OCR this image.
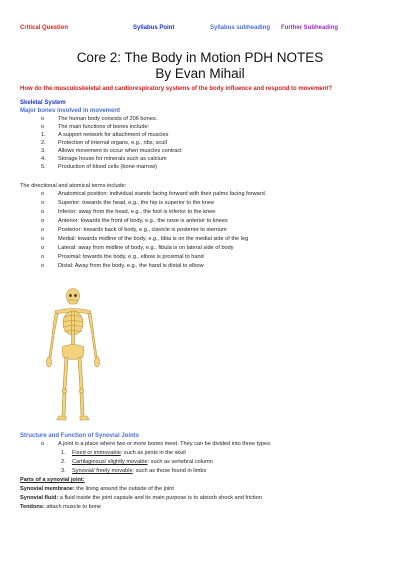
Critical Question	Syllabus Point	Syllabus subheading Further Subheading
Core 2: The Body in Motion PDH NOTES
By Evan Mihail
How do the musculoskeletal and cardiorespiratory systems of the body influence and respond to movement?
Skeletal System
Major bones involved in movement
o The human body consists of 206 bones.
o The main functions of bones include:
1. A support network for attachment of muscles
2. Protection of internal organs, e.g., ribs, scull
3. Allows movement to occur when muscles contract
4. Storage house for minerals such as calcium
5. Production of blood cells (bone marrow)
The directional and atomical terms include:
o Anatomical position: individual stands facing forward with their palms facing forward.
o Superior: towards the head, e.g., the hip is superior to the knee
o Inferior: away from the head, e.g., the foot is inferior to the knee
o Anterior: towards the front of body, e.g., the nose is anterior to knees
o Posterior: towards back of body, e.g., clavicle is posterior to sternum
o Medial: towards midline of the body, e.g., tibia is on the medial side of the leg
o Lateral: away from midline of body, e.g., fibula is on lateral side of body
o Proximal: towards the body, e.g., elbow is proximal to hand
o Distal: Away from the body, e.g., the hand is distal to elbow
Structure and Function of Synovial Joints
o A joint is a place where two or more bones meet. They can be divided into three types:
1. Fixed or immovable: such as joints in the skull
2. Cartilaginous/ slightly movable: such as vertebral column
3. Synovial/ freely movable: such as those found in limbs
Parts of a synovial joint:
Synovial membrane: the lining around the outside of the joint
Synovial fluid: a fluid inside the joint capsule and its main purpose is to absorb shock and friction
Tendons: attach muscle to bone
